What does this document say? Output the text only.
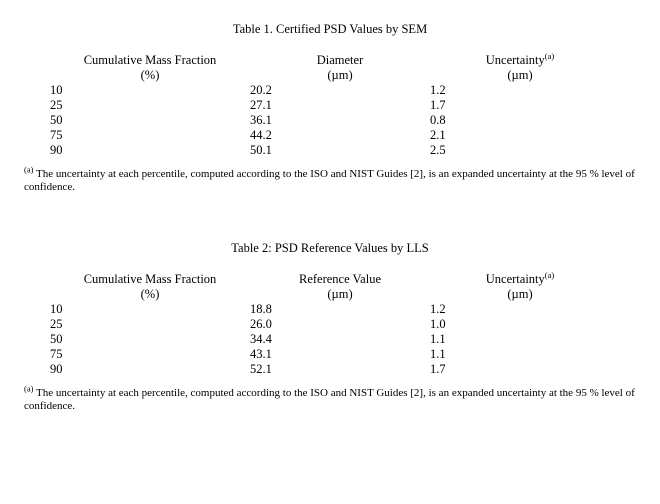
Table 1. Certified PSD Values by SEM
Cumulative Mass Fraction	Diameter	Uncertainty$^{(a)}$
(%)	(µm)	(µm)
10	20.2	1.2
25	27.1	1.7
50	36.1	0.8
75	44.2	2.1
90	50.1	2.5
$^{(a)}$ The uncertainty at each percentile, computed according to the ISO and NIST Guides [2], is an expanded uncertainty at the 95 % level of confidence.
Table 2: PSD Reference Values by LLS
Cumulative Mass Fraction	Reference Value	Uncertainty$^{(a)}$
(%)	(µm)	(µm)
10	18.8	1.2
25	26.0	1.0
50	34.4	1.1
75	43.1	1.1
90	52.1	1.7
$^{(a)}$ The uncertainty at each percentile, computed according to the ISO and NIST Guides [2], is an expanded uncertainty at the 95 % level of confidence.
